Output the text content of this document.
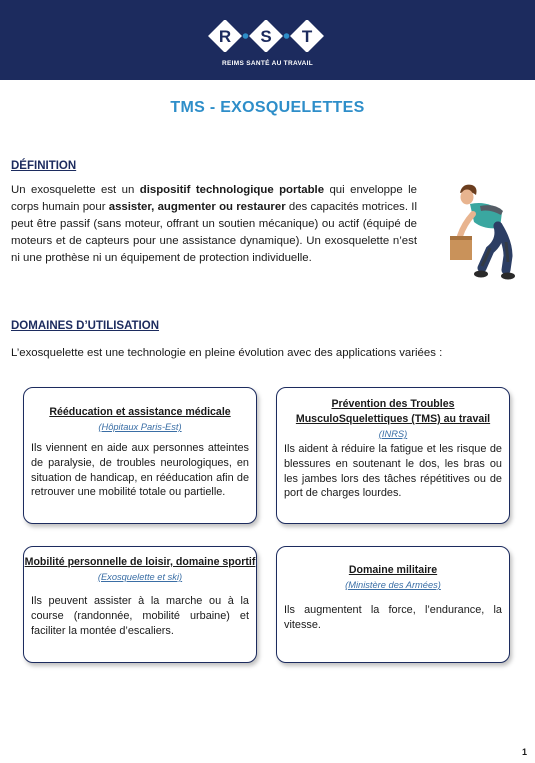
R S T
REIMS SANTÉ AU TRAVAIL
TMS - EXOSQUELETTES
DÉFINITION
Un exosquelette est un dispositif technologique portable qui enveloppe le corps humain pour assister, augmenter ou restaurer des capacités motrices. Il peut être passif (sans moteur, offrant un soutien mécanique) ou actif (équipé de moteurs et de capteurs pour une assistance dynamique). Un exosquelette n’est ni une prothèse ni un équipement de protection individuelle.
DOMAINES D’UTILISATION
L’exosquelette est une technologie en pleine évolution avec des applications variées :
Rééducation et assistance médicale
(Hôpitaux Paris-Est)
Ils viennent en aide aux personnes atteintes de paralysie, de troubles neurologiques, en situation de handicap, en rééducation afin de retrouver une mobilité totale ou partielle.
Prévention des Troubles MusculoSquelettiques (TMS) au travail
(INRS)
Ils aident à réduire la fatigue et les risque de blessures en soutenant le dos, les bras ou les jambes lors des tâches répétitives ou de port de charges lourdes.
Mobilité personnelle de loisir, domaine sportif
(Exosquelette et ski)
Ils peuvent assister à la marche ou à la course (randonnée, mobilité urbaine) et faciliter la montée d’escaliers.
Domaine militaire
(Ministère des Armées)
Ils augmentent la force, l’endurance, la vitesse.
1
